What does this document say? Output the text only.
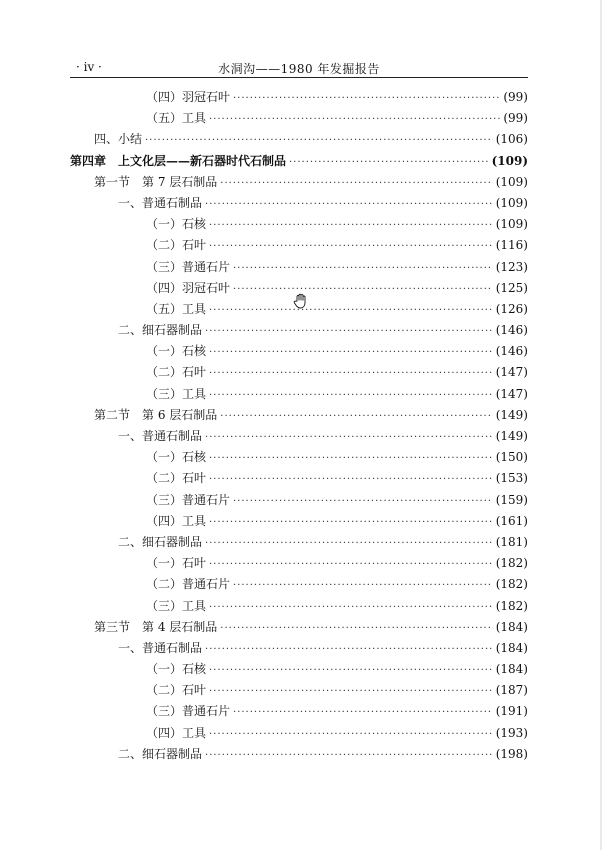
· iv ·	水洞沟——1980 年发掘报告
（四）羽冠石叶 ·····	(99)
（五）工具 ·····	(99)
四、小结 ·····	(106)
第四章　上文化层——新石器时代石制品 ·····	(109)
第一节　第 7 层石制品 ·····	(109)
一、普通石制品 ·····	(109)
（一）石核 ·····	(109)
（二）石叶 ·····	(116)
（三）普通石片 ·····	(123)
（四）羽冠石叶 ·····	(125)
（五）工具 ·····	(126)
二、细石器制品 ·····	(146)
（一）石核 ·····	(146)
（二）石叶 ·····	(147)
（三）工具 ·····	(147)
第二节　第 6 层石制品 ·····	(149)
一、普通石制品 ·····	(149)
（一）石核 ·····	(150)
（二）石叶 ·····	(153)
（三）普通石片 ·····	(159)
（四）工具 ·····	(161)
二、细石器制品 ·····	(181)
（一）石叶 ·····	(182)
（二）普通石片 ·····	(182)
（三）工具 ·····	(182)
第三节　第 4 层石制品 ·····	(184)
一、普通石制品 ·····	(184)
（一）石核 ·····	(184)
（二）石叶 ·····	(187)
（三）普通石片 ·····	(191)
（四）工具 ·····	(193)
二、细石器制品 ·····	(198)
